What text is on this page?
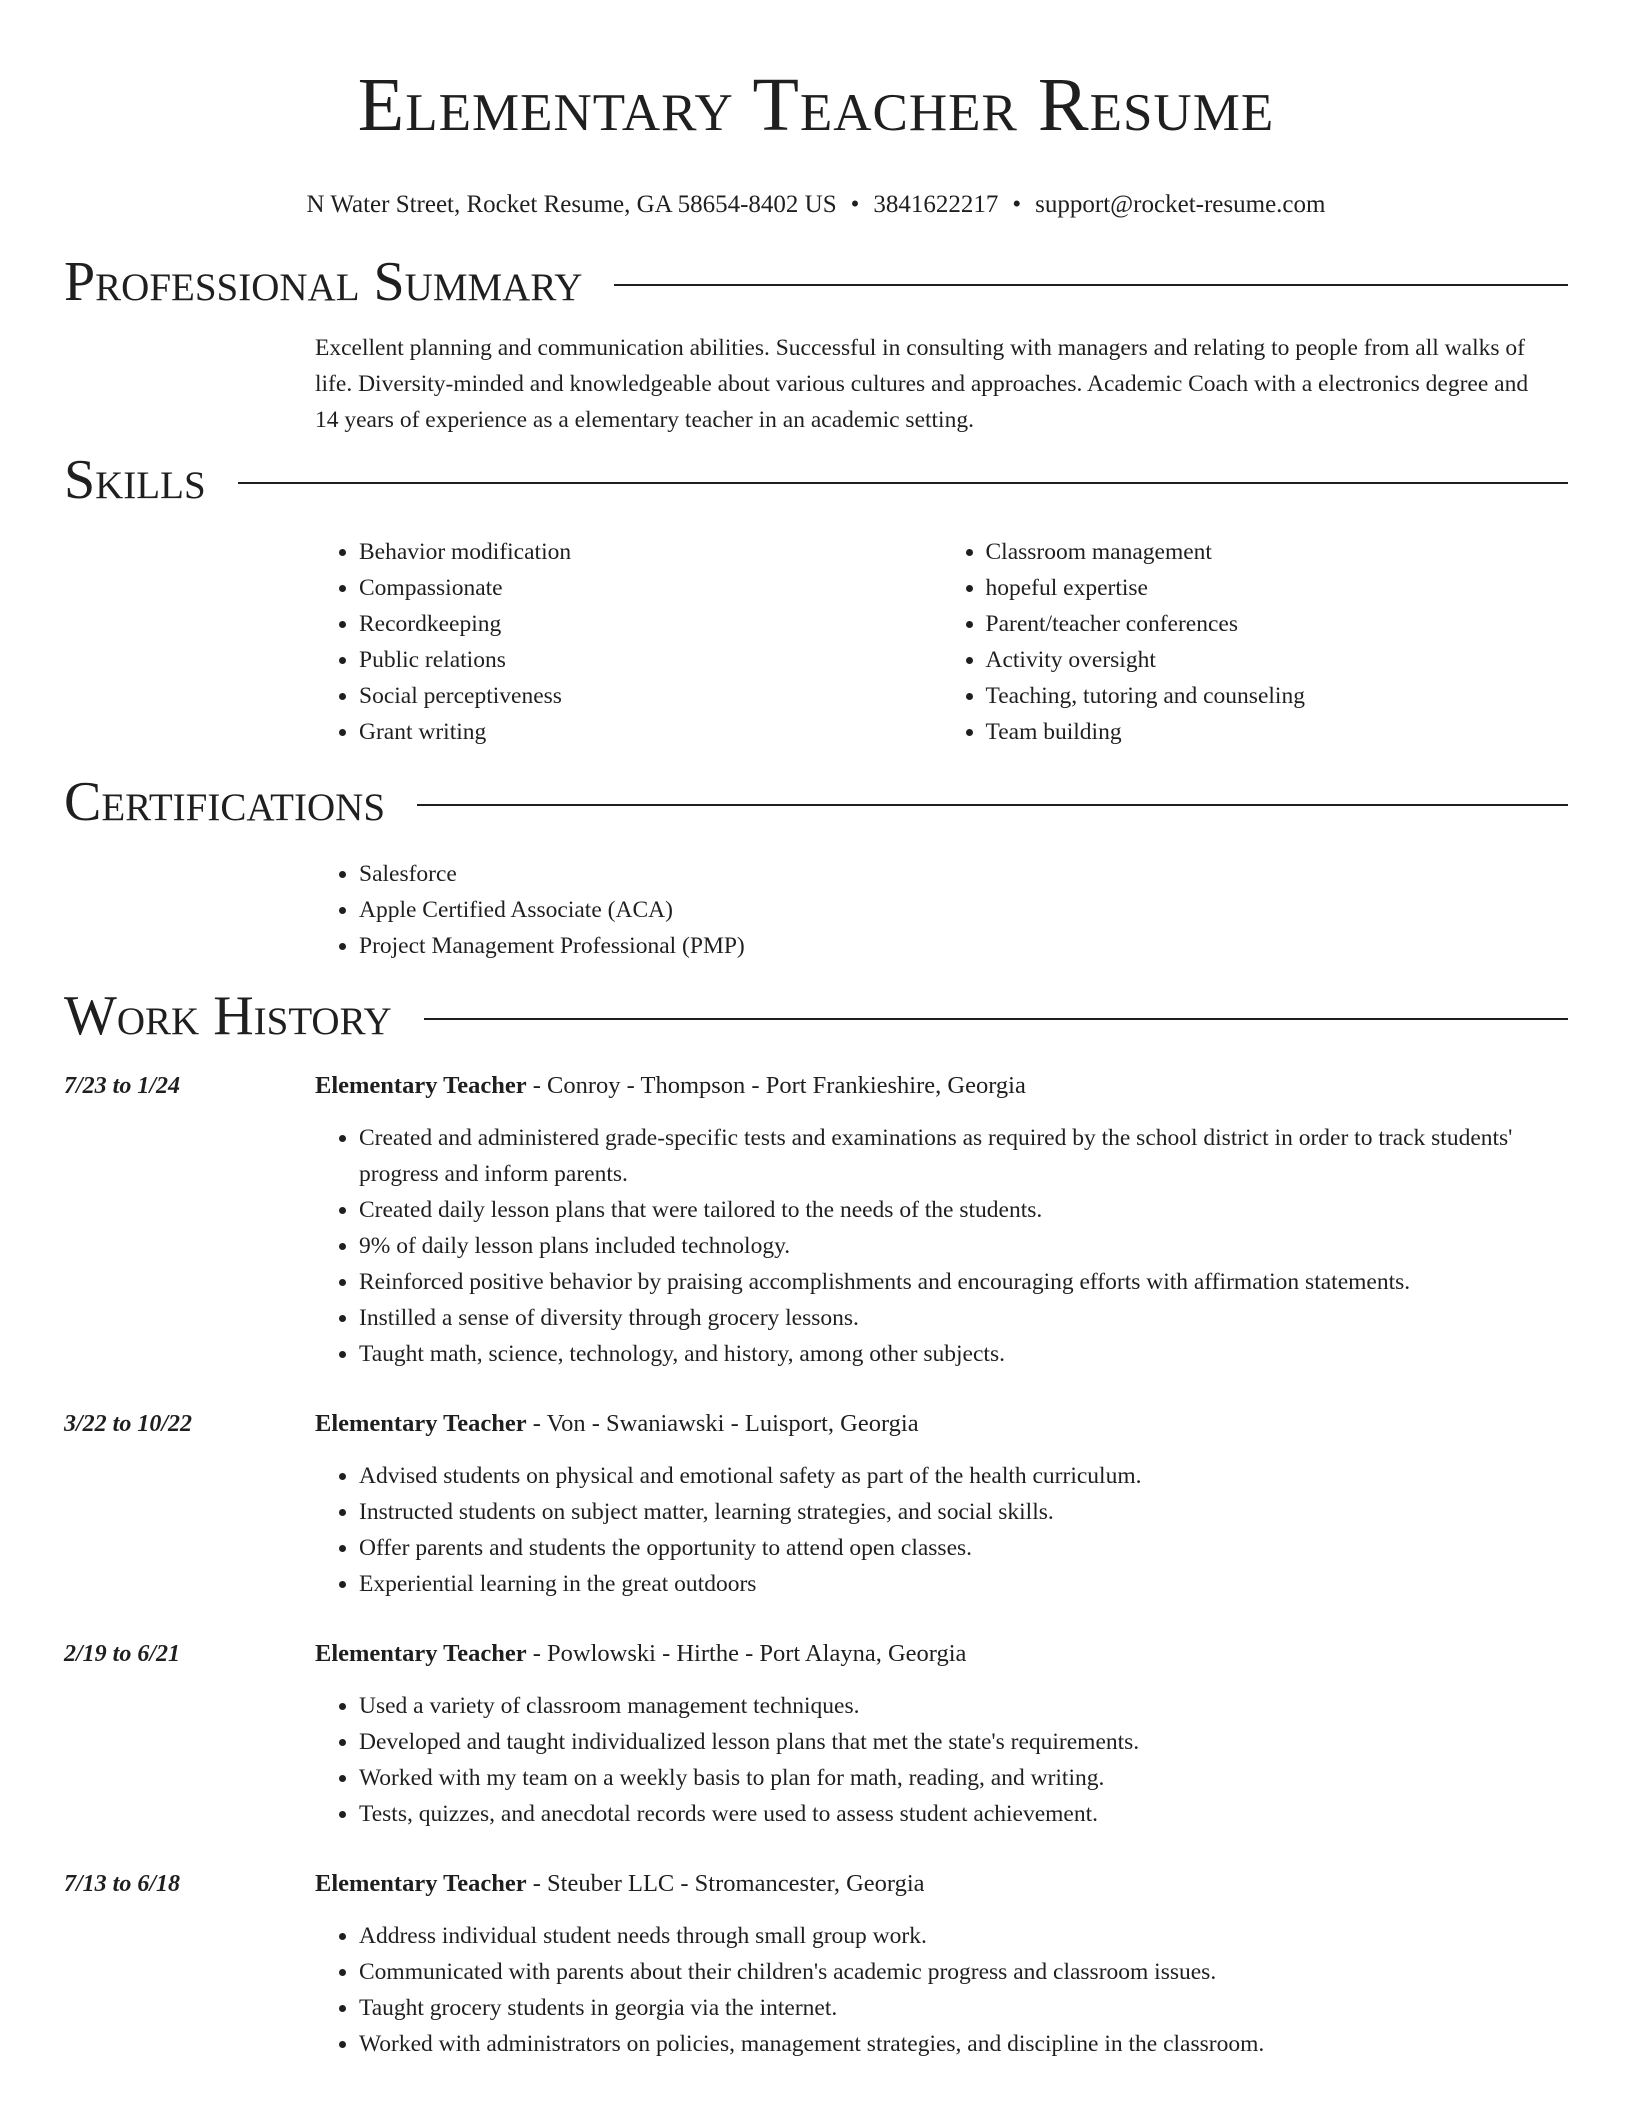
Elementary Teacher Resume
N Water Street, Rocket Resume, GA 58654-8402 US • 3841622217 • support@rocket-resume.com
Professional Summary
Excellent planning and communication abilities. Successful in consulting with managers and relating to people from all walks of life. Diversity-minded and knowledgeable about various cultures and approaches. Academic Coach with a electronics degree and 14 years of experience as a elementary teacher in an academic setting.
Skills
• Behavior modification
• Compassionate
• Recordkeeping
• Public relations
• Social perceptiveness
• Grant writing
• Classroom management
• hopeful expertise
• Parent/teacher conferences
• Activity oversight
• Teaching, tutoring and counseling
• Team building
Certifications
• Salesforce
• Apple Certified Associate (ACA)
• Project Management Professional (PMP)
Work History
7/23 to 1/24	Elementary Teacher - Conroy - Thompson - Port Frankieshire, Georgia
• Created and administered grade-specific tests and examinations as required by the school district in order to track students' progress and inform parents.
• Created daily lesson plans that were tailored to the needs of the students.
• 9% of daily lesson plans included technology.
• Reinforced positive behavior by praising accomplishments and encouraging efforts with affirmation statements.
• Instilled a sense of diversity through grocery lessons.
• Taught math, science, technology, and history, among other subjects.
3/22 to 10/22	Elementary Teacher - Von - Swaniawski - Luisport, Georgia
• Advised students on physical and emotional safety as part of the health curriculum.
• Instructed students on subject matter, learning strategies, and social skills.
• Offer parents and students the opportunity to attend open classes.
• Experiential learning in the great outdoors
2/19 to 6/21	Elementary Teacher - Powlowski - Hirthe - Port Alayna, Georgia
• Used a variety of classroom management techniques.
• Developed and taught individualized lesson plans that met the state's requirements.
• Worked with my team on a weekly basis to plan for math, reading, and writing.
• Tests, quizzes, and anecdotal records were used to assess student achievement.
7/13 to 6/18	Elementary Teacher - Steuber LLC - Stromancester, Georgia
• Address individual student needs through small group work.
• Communicated with parents about their children's academic progress and classroom issues.
• Taught grocery students in georgia via the internet.
• Worked with administrators on policies, management strategies, and discipline in the classroom.
